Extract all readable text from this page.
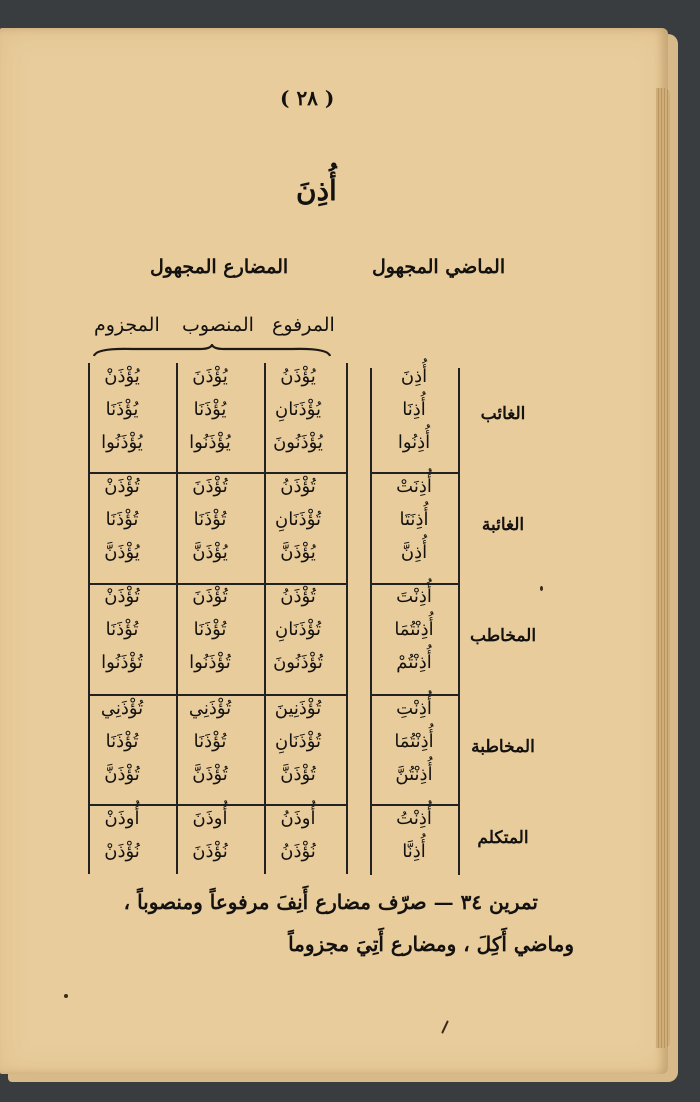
( ٢٨ )
أُذِنَ
الماضي المجهول
المضارع المجهول
المرفوع
المنصوب
المجزوم
الغائب
أُذِنَ
أُذِنَا
أُذِنُوا
يُؤْذَنُ
يُؤْذَنَانِ
يُؤْذَنُونَ
يُؤْذَنَ
يُؤْذَنَا
يُؤْذَنُوا
يُؤْذَنْ
يُؤْذَنَا
يُؤْذَنُوا
الغائبة
أُذِنَتْ
أُذِنَتَا
أُذِنَّ
تُؤْذَنُ
تُؤْذَنَانِ
يُؤْذَنَّ
تُؤْذَنَ
تُؤْذَنَا
يُؤْذَنَّ
تُؤْذَنْ
تُؤْذَنَا
يُؤْذَنَّ
المخاطب
أُذِنْتَ
أُذِنْتُمَا
أُذِنْتُمْ
تُؤْذَنُ
تُؤْذَنَانِ
تُؤْذَنُونَ
تُؤْذَنَ
تُؤْذَنَا
تُؤْذَنُوا
تُؤْذَنْ
تُؤْذَنَا
تُؤْذَنُوا
المخاطبة
أُذِنْتِ
أُذِنْتُمَا
أُذِنْتُنَّ
تُؤْذَنِينَ
تُؤْذَنَانِ
تُؤْذَنَّ
تُؤْذَنِي
تُؤْذَنَا
تُؤْذَنَّ
تُؤْذَنِي
تُؤْذَنَا
تُؤْذَنَّ
المتكلم
أُذِنْتُ
أُذِنَّا
أُوذَنُ
نُؤْذَنُ
أُوذَنَ
نُؤْذَنَ
أُوذَنْ
نُؤْذَنْ
تمرين ٣٤ — صرّف مضارع أَنِفَ مرفوعاً ومنصوباً ،
وماضي أَكِلَ ، ومضارع أَتِيَ مجزوماً
